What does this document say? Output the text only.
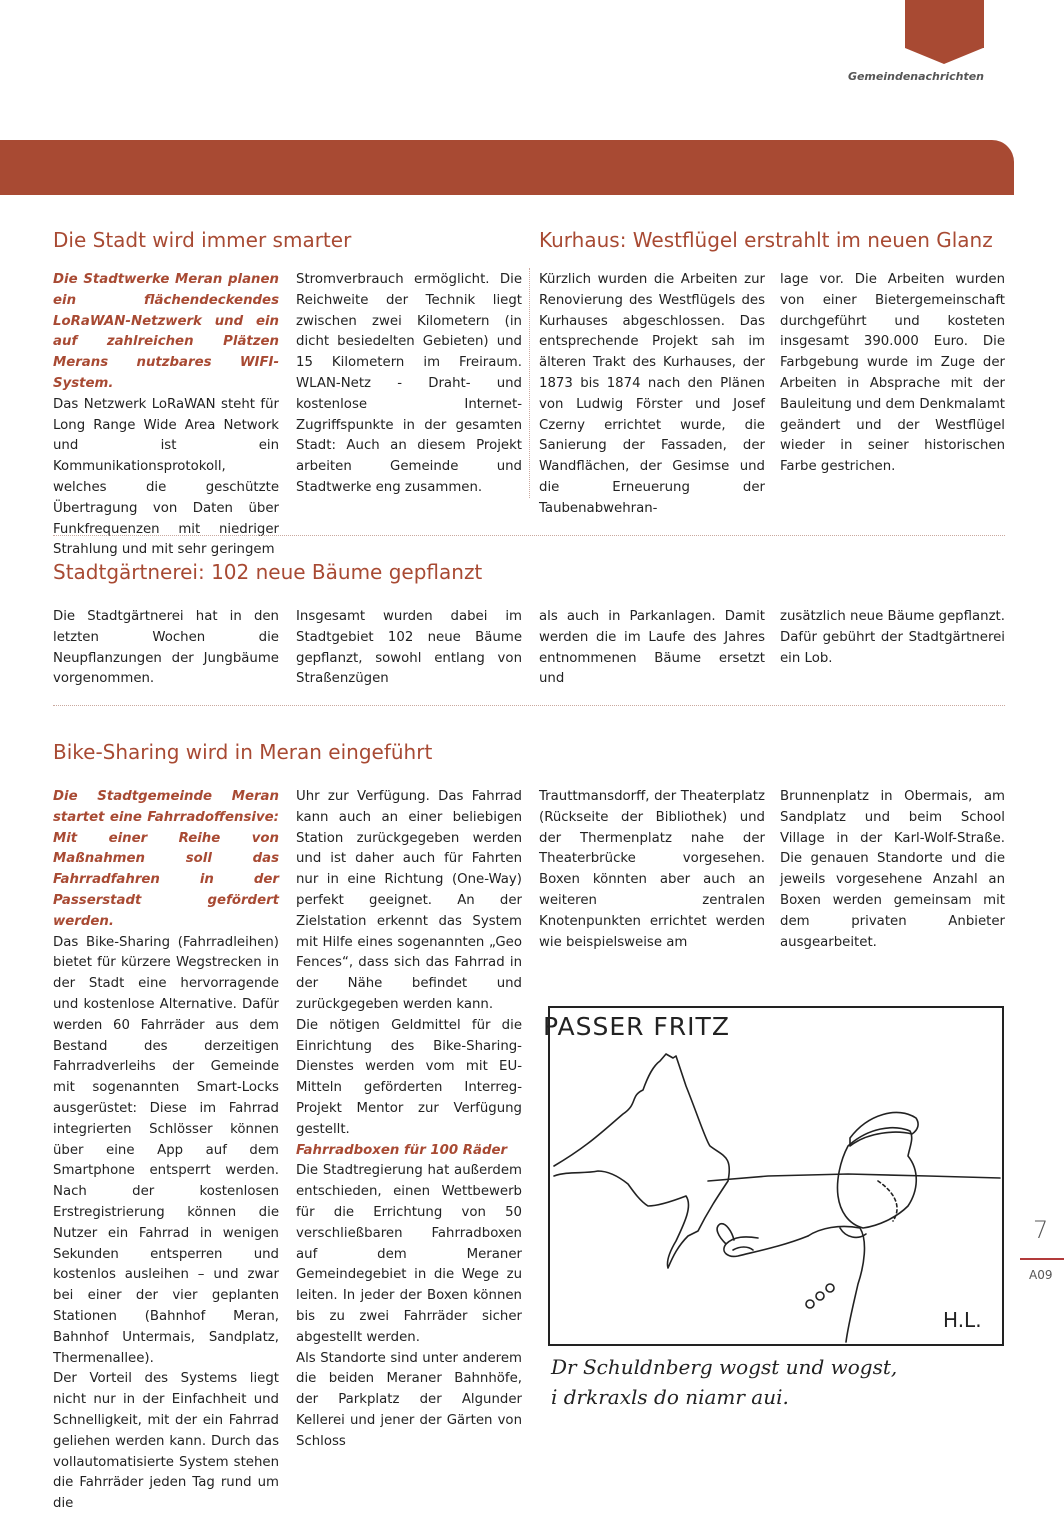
Gemeindenachrichten
Die Stadt wird immer smarter

Die Stadtwerke Meran planen ein flächendeckendes LoRaWAN-Netzwerk und ein auf zahlreichen Plätzen Merans nutzbares WIFI-System.

Das Netzwerk LoRaWAN steht für Long Range Wide Area Network und ist ein Kommunikationsprotokoll, welches die geschützte Übertragung von Daten über Funkfrequenzen mit niedriger Strahlung und mit sehr geringem

Stromverbrauch ermöglicht. Die Reichweite der Technik liegt zwischen zwei Kilometern (in dicht besiedelten Gebieten) und 15 Kilometern im Freiraum. WLAN-Netz - Draht- und kostenlose Internet-Zugriffspunkte in der gesamten Stadt: Auch an diesem Projekt arbeiten Gemeinde und Stadtwerke eng zusammen.

Kurhaus: Westflügel erstrahlt im neuen Glanz

Kürzlich wurden die Arbeiten zur Renovierung des Westflügels des Kurhauses abgeschlossen. Das entsprechende Projekt sah im älteren Trakt des Kurhauses, der 1873 bis 1874 nach den Plänen von Ludwig Förster und Josef Czerny errichtet wurde, die Sanierung der Fassaden, der Wandflächen, der Gesimse und die Erneuerung der Taubenabwehran-

lage vor. Die Arbeiten wurden von einer Bietergemeinschaft durchgeführt und kosteten insgesamt 390.000 Euro. Die Farbgebung wurde im Zuge der Arbeiten in Absprache mit der Bauleitung und dem Denkmalamt geändert und der Westflügel wieder in seiner historischen Farbe gestrichen.

Stadtgärtnerei: 102 neue Bäume gepflanzt

Die Stadtgärtnerei hat in den letzten Wochen die Neupflanzungen der Jungbäume vorgenommen.

Insgesamt wurden dabei im Stadtgebiet 102 neue Bäume gepflanzt, sowohl entlang von Straßenzügen

als auch in Parkanlagen. Damit werden die im Laufe des Jahres entnommenen Bäume ersetzt und

zusätzlich neue Bäume gepflanzt. Dafür gebührt der Stadtgärtnerei ein Lob.

Bike-Sharing wird in Meran eingeführt

Die Stadtgemeinde Meran startet eine Fahrradoffensive: Mit einer Reihe von Maßnahmen soll das Fahrradfahren in der Passerstadt gefördert werden.

Das Bike-Sharing (Fahrradleihen) bietet für kürzere Wegstrecken in der Stadt eine hervorragende und kostenlose Alternative. Dafür werden 60 Fahrräder aus dem Bestand des derzeitigen Fahrradverleihs der Gemeinde mit sogenannten Smart-Locks ausgerüstet: Diese im Fahrrad integrierten Schlösser können über eine App auf dem Smartphone entsperrt werden. Nach der kostenlosen Erstregistrierung können die Nutzer ein Fahrrad in wenigen Sekunden entsperren und kostenlos ausleihen – und zwar bei einer der vier geplanten Stationen (Bahnhof Meran, Bahnhof Untermais, Sandplatz, Thermenallee).

Der Vorteil des Systems liegt nicht nur in der Einfachheit und Schnelligkeit, mit der ein Fahrrad geliehen werden kann. Durch das vollautomatisierte System stehen die Fahrräder jeden Tag rund um die

Uhr zur Verfügung. Das Fahrrad kann auch an einer beliebigen Station zurückgegeben werden und ist daher auch für Fahrten nur in eine Richtung (One-Way) perfekt geeignet. An der Zielstation erkennt das System mit Hilfe eines sogenannten „Geo Fences“, dass sich das Fahrrad in der Nähe befindet und zurückgegeben werden kann.

Die nötigen Geldmittel für die Einrichtung des Bike-Sharing-Dienstes werden vom mit EU-Mitteln geförderten Interreg-Projekt Mentor zur Verfügung gestellt.

Fahrradboxen für 100 Räder

Die Stadtregierung hat außerdem entschieden, einen Wettbewerb für die Errichtung von 50 verschließbaren Fahrradboxen auf dem Meraner Gemeindegebiet in die Wege zu leiten. In jeder der Boxen können bis zu zwei Fahrräder sicher abgestellt werden.

Als Standorte sind unter anderem die beiden Meraner Bahnhöfe, der Parkplatz der Algunder Kellerei und jener der Gärten von Schloss

Trauttmansdorff, der Theaterplatz (Rückseite der Bibliothek) und der Thermenplatz nahe der Theaterbrücke vorgesehen. Boxen könnten aber auch an weiteren zentralen Knotenpunkten errichtet werden wie beispielsweise am

Brunnenplatz in Obermais, am Sandplatz und beim School Village in der Karl-Wolf-Straße. Die genauen Standorte und die jeweils vorgesehene Anzahl an Boxen werden gemeinsam mit dem privaten Anbieter ausgearbeitet.

PASSER FRITZ
H.L.
Dr Schuldnberg wogst und wogst,
i drkraxls do niamr aui.
7
A09
